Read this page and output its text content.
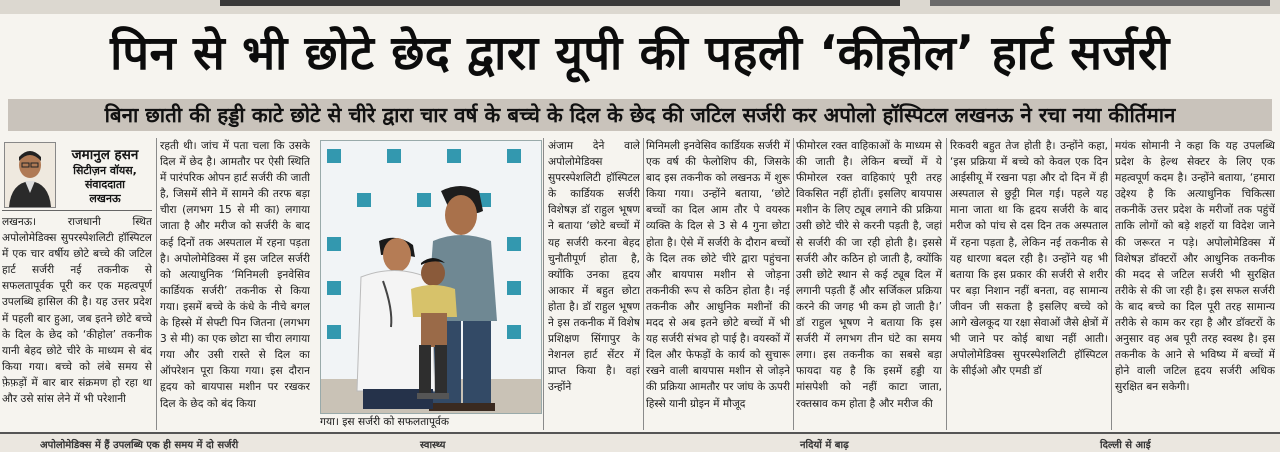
पिन से भी छोटे छेद द्वारा यूपी की पहली ‘कीहोल’ हार्ट सर्जरी
बिना छाती की हड्डी काटे छोटे से चीरे द्वारा चार वर्ष के बच्चे के दिल के छेद की जटिल सर्जरी कर अपोलो हॉस्पिटल लखनऊ ने रचा नया कीर्तिमान
जमानुल हसन
सिटीज़न वॉयस,
संवाददाता
लखनऊ

लखनऊ। राजधानी स्थित अपोलोमेडिक्स सुपरस्पेशलिटी हॉस्पिटल में एक चार वर्षीय छोटे बच्चे की जटिल हार्ट सर्जरी नई तकनीक से सफलतापूर्वक पूरी कर एक महत्वपूर्ण उपलब्धि हासिल की है। यह उत्तर प्रदेश में पहली बार हुआ, जब इतने छोटे बच्चे के दिल के छेद को ‘कीहोल’ तकनीक यानी बेहद छोटे चीरे के माध्यम से बंद किया गया। बच्चे को लंबे समय से फ़ेफ़ड़ों में बार बार संक्रमण हो रहा था और उसे सांस लेने में भी परेशानी

रहती थी। जांच में पता चला कि उसके दिल में छेद है। आमतौर पर ऐसी स्थिति में पारंपरिक ओपन हार्ट सर्जरी की जाती है, जिसमें सीने में सामने की तरफ बड़ा चीरा (लगभग 15 से मी का) लगाया जाता है और मरीज को सर्जरी के बाद कई दिनों तक अस्पताल में रहना पड़ता है। अपोलोमेडिक्स में इस जटिल सर्जरी को अत्याधुनिक ‘मिनिमली इनवेसिव कार्डियक सर्जरी’ तकनीक से किया गया। इसमें बच्चे के कंधे के नीचे बगल के हिस्से में सेफ्टी पिन जितना (लगभग 3 से मी) का एक छोटा सा चीरा लगाया गया और उसी रास्ते से दिल का ऑपरेशन पूरा किया गया। इस दौरान हृदय को बायपास मशीन पर रखकर दिल के छेद को बंद किया

गया। इस सर्जरी को सफलतापूर्वक

अंजाम देने वाले अपोलोमेडिक्स सुपरस्पेशलिटी हॉस्पिटल के कार्डियक सर्जरी विशेषज्ञ डॉ राहुल भूषण ने बताया ‘छोटे बच्चों में यह सर्जरी करना बेहद चुनौतीपूर्ण होता है, क्योंकि उनका हृदय आकार में बहुत छोटा होता है। डॉ राहुल भूषण ने इस तकनीक में विशेष प्रशिक्षण सिंगापुर के नेशनल हार्ट सेंटर में प्राप्त किया है। वहां उन्होंने

मिनिमली इनवेसिव कार्डियक सर्जरी में एक वर्ष की फेलोशिप की, जिसके बाद इस तकनीक को लखनऊ में शुरू किया गया। उन्होंने बताया, ‘छोटे बच्चों का दिल आम तौर पे वयस्क व्यक्ति के दिल से 3 से 4 गुना छोटा होता है। ऐसे में सर्जरी के दौरान बच्चों के दिल तक छोटे चीरे द्वारा पहुंचना और बायपास मशीन से जोड़ना तकनीकी रूप से कठिन होता है। नई तकनीक और आधुनिक मशीनों की मदद से अब इतने छोटे बच्चों में भी यह सर्जरी संभव हो पाई है। वयस्कों में दिल और फेफड़ों के कार्य को सुचारू रखने वाली बायपास मशीन से जोड़ने की प्रक्रिया आमतौर पर जांघ के ऊपरी हिस्से यानी ग्रोइन में मौजूद

फीमोरल रक्त वाहिकाओं के माध्यम से की जाती है। लेकिन बच्चों में ये फीमोरल रक्त वाहिकाएं पूरी तरह विकसित नहीं होतीं। इसलिए बायपास मशीन के लिए ट्यूब लगाने की प्रक्रिया उसी छोटे चीरे से करनी पड़ती है, जहां से सर्जरी की जा रही होती है। इससे सर्जरी और कठिन हो जाती है, क्योंकि उसी छोटे स्थान से कई ट्यूब दिल में लगानी पड़ती हैं और सर्जिकल प्रक्रिया करने की जगह भी कम हो जाती है।’ डॉ राहुल भूषण ने बताया कि इस सर्जरी में लगभग तीन घंटे का समय लगा। इस तकनीक का सबसे बड़ा फायदा यह है कि इसमें हड्डी या मांसपेशी को नहीं काटा जाता, रक्तस्राव कम होता है और मरीज की

रिकवरी बहुत तेज होती है। उन्होंने कहा, ‘इस प्रक्रिया में बच्चे को केवल एक दिन आईसीयू में रखना पड़ा और दो दिन में ही अस्पताल से छुट्टी मिल गई। पहले यह माना जाता था कि हृदय सर्जरी के बाद मरीज को पांच से दस दिन तक अस्पताल में रहना पड़ता है, लेकिन नई तकनीक से यह धारणा बदल रही है। उन्होंने यह भी बताया कि इस प्रकार की सर्जरी से शरीर पर बड़ा निशान नहीं बनता, वह सामान्य जीवन जी सकता है इसलिए बच्चे को आगे खेलकूद या रक्षा सेवाओं जैसे क्षेत्रों में भी जाने पर कोई बाधा नहीं आती। अपोलोमेडिक्स सुपरस्पेशलिटी हॉस्पिटल के सीईओ और एमडी डॉ

मयंक सोमानी ने कहा कि यह उपलब्धि प्रदेश के हेल्थ सेक्टर के लिए एक महत्वपूर्ण कदम है। उन्होंने बताया, ‘हमारा उद्देश्य है कि अत्याधुनिक चिकित्सा तकनीकें उत्तर प्रदेश के मरीजों तक पहुंचें ताकि लोगों को बड़े शहरों या विदेश जाने की जरूरत न पड़े। अपोलोमेडिक्स में विशेषज्ञ डॉक्टरों और आधुनिक तकनीक की मदद से जटिल सर्जरी भी सुरक्षित तरीके से की जा रही है। इस सफल सर्जरी के बाद बच्चे का दिल पूरी तरह सामान्य तरीके से काम कर रहा है और डॉक्टरों के अनुसार वह अब पूरी तरह स्वस्थ है। इस तकनीक के आने से भविष्य में बच्चों में होने वाली जटिल हृदय सर्जरी अधिक सुरक्षित बन सकेगी।

अपोलोमेडिक्स में हैं उपलब्धि एक ही समय में दो सर्जरी	स्वास्थ्य	नदियों में बाढ़	दिल्ली से आई
